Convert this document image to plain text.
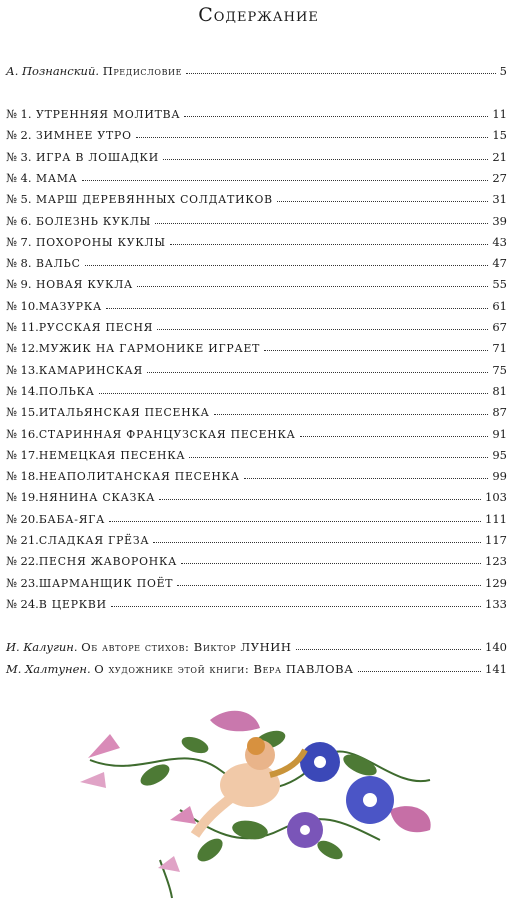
Содержание
А. Познанский. Предисловие	5
№ 1. УТРЕННЯЯ МОЛИТВА	11
№ 2. ЗИМНЕЕ УТРО	15
№ 3. ИГРА В ЛОШАДКИ	21
№ 4. МАМА	27
№ 5. МАРШ ДЕРЕВЯННЫХ СОЛДАТИКОВ	31
№ 6. БОЛЕЗНЬ КУКЛЫ	39
№ 7. ПОХОРОНЫ КУКЛЫ	43
№ 8. ВАЛЬС	47
№ 9. НОВАЯ КУКЛА	55
№ 10.МАЗУРКА	61
№ 11.РУССКАЯ ПЕСНЯ	67
№ 12.МУЖИК НА ГАРМОНИКЕ ИГРАЕТ	71
№ 13.КАМАРИНСКАЯ	75
№ 14.ПОЛЬКА	81
№ 15.ИТАЛЬЯНСКАЯ ПЕСЕНКА	87
№ 16.СТАРИННАЯ ФРАНЦУЗСКАЯ ПЕСЕНКА	91
№ 17.НЕМЕЦКАЯ ПЕСЕНКА	95
№ 18.НЕАПОЛИТАНСКАЯ ПЕСЕНКА	99
№ 19.НЯНИНА СКАЗКА	103
№ 20.БАБА-ЯГА	111
№ 21.СЛАДКАЯ ГРЁЗА	117
№ 22.ПЕСНЯ ЖАВОРОНКА	123
№ 23.ШАРМАНЩИК ПОЁТ	129
№ 24.В ЦЕРКВИ	133
И. Калугин. Об авторе стихов: Виктор ЛУНИН	140
М. Халтунен. О художнике этой книги: Вера ПАВЛОВА	141
